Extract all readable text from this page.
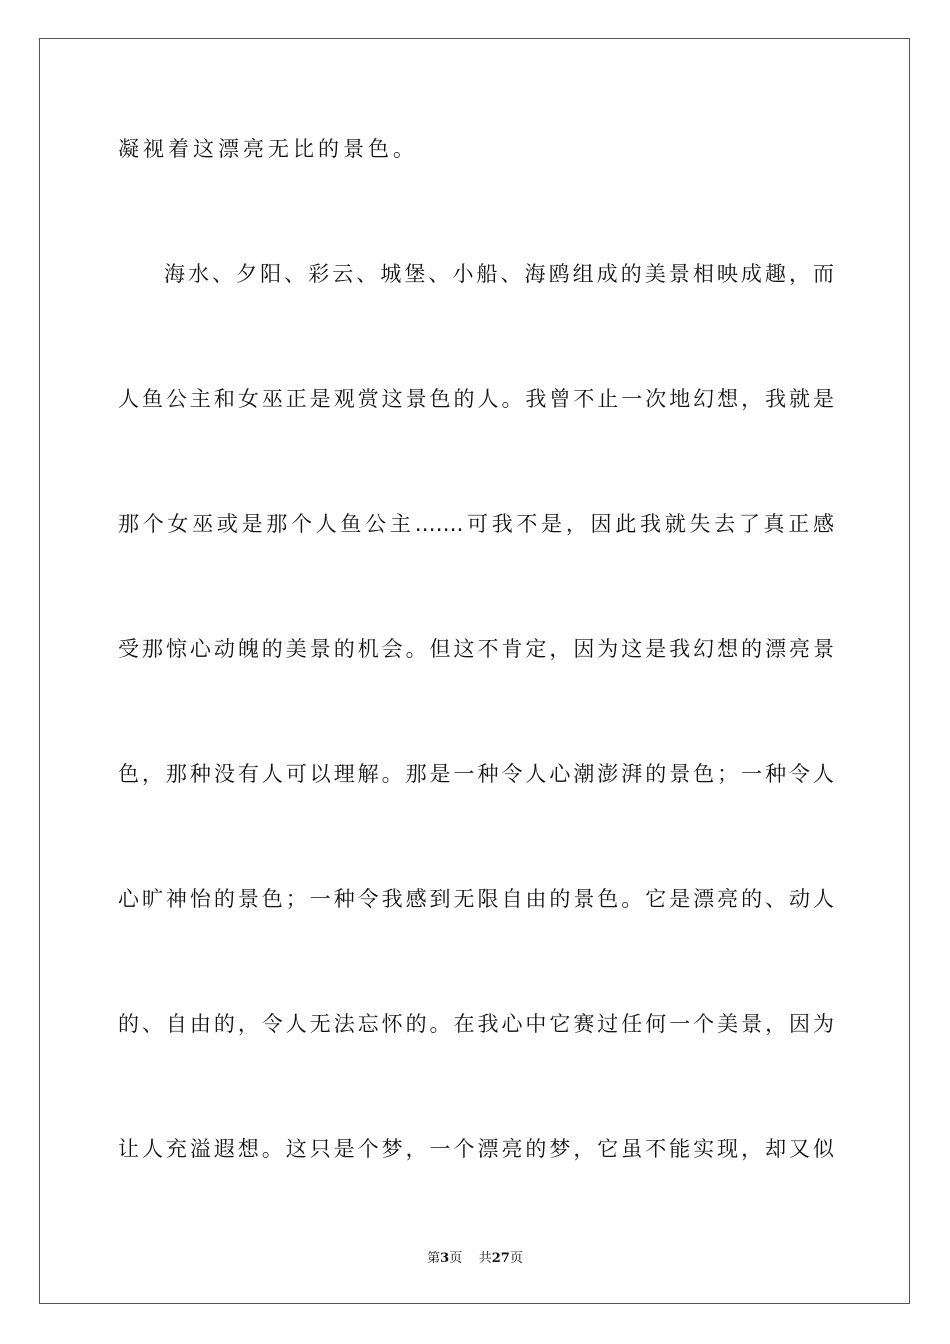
凝视着这漂亮无比的景色。
海水、夕阳、彩云、城堡、小船、海鸥组成的美景相映成趣，而
人鱼公主和女巫正是观赏这景色的人。我曾不止一次地幻想，我就是
那个女巫或是那个人鱼公主…….可我不是，因此我就失去了真正感
受那惊心动魄的美景的机会。但这不肯定，因为这是我幻想的漂亮景
色，那种没有人可以理解。那是一种令人心潮澎湃的景色；一种令人
心旷神怡的景色；一种令我感到无限自由的景色。它是漂亮的、动人
的、自由的，令人无法忘怀的。在我心中它赛过任何一个美景，因为
让人充溢遐想。这只是个梦，一个漂亮的梦，它虽不能实现，却又似
第3页 共27页
